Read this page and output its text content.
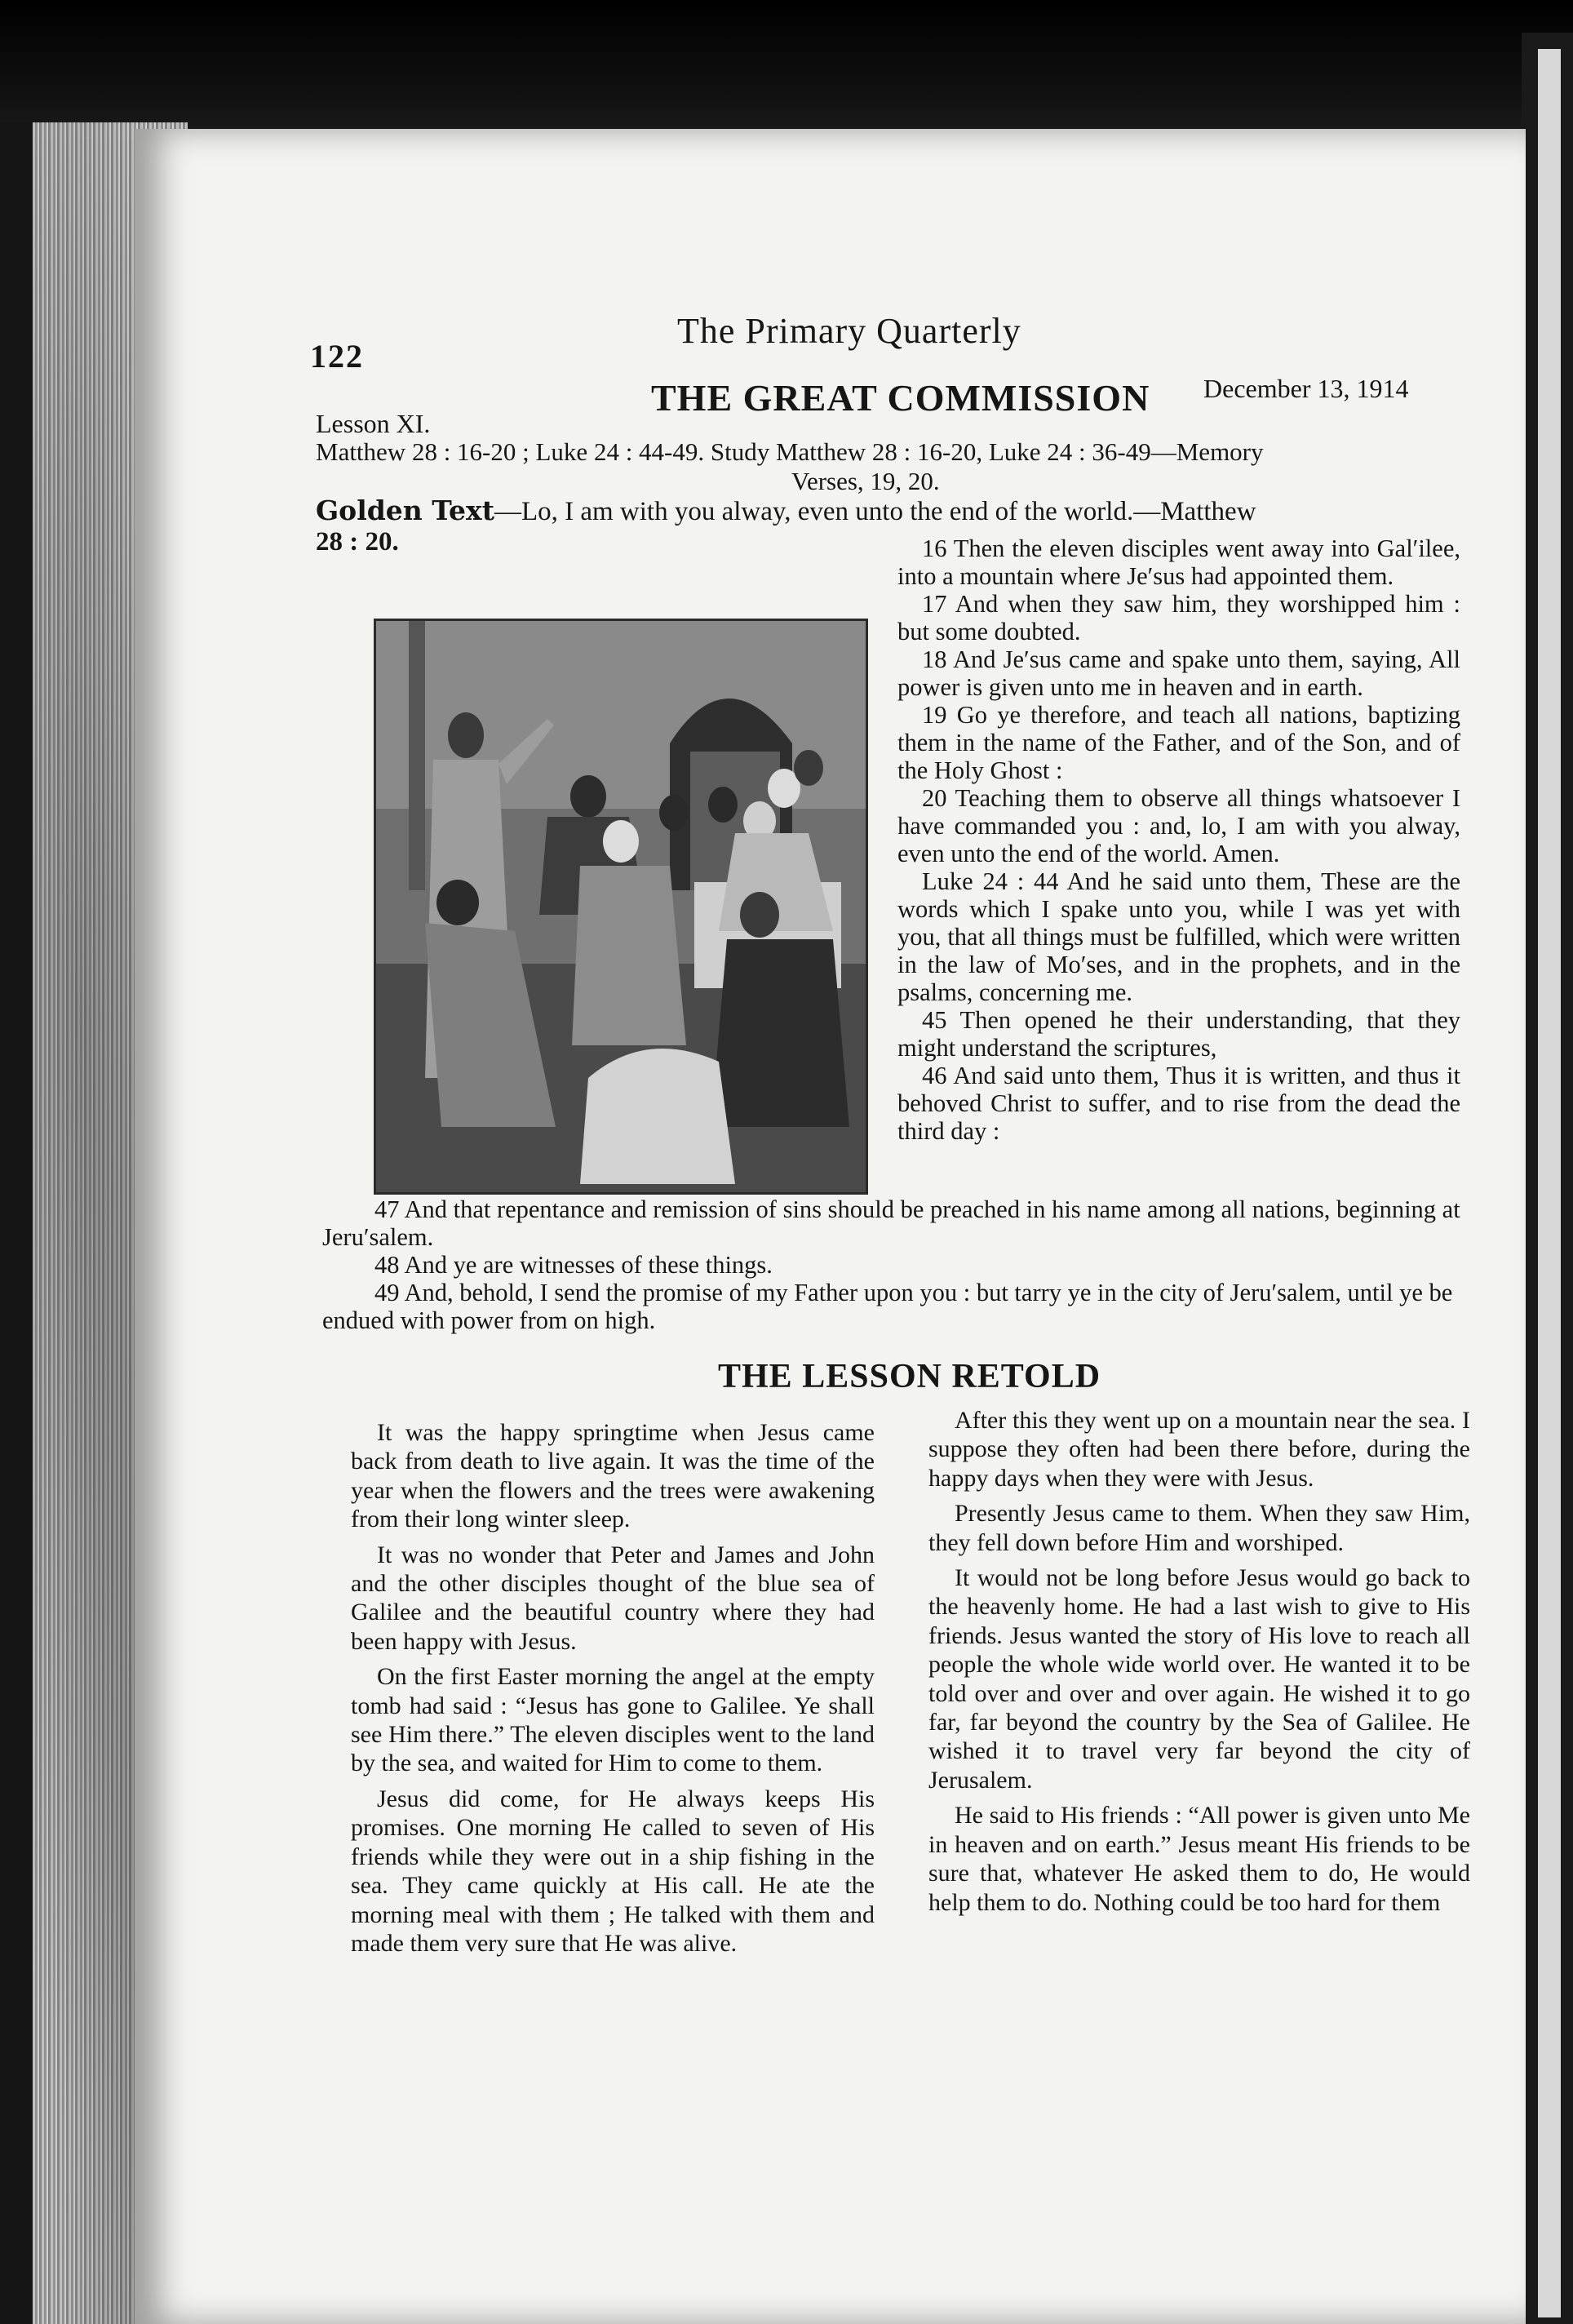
122
The Primary Quarterly
Lesson XI.
THE GREAT COMMISSION December 13, 1914
Matthew 28 : 16-20 ; Luke 24 : 44-49. Study Matthew 28 : 16-20, Luke 24 : 36-49—Memory
Verses, 19, 20.
Golden Text—Lo, I am with you alway, even unto the end of the world.—Matthew
28 : 20.	16 Then the eleven disciples went away into Gal′ilee, into a mountain where Je′sus had appointed them.

17 And when they saw him, they worshipped him : but some doubted.

18 And Je′sus came and spake unto them, saying, All power is given unto me in heaven and in earth.

19 Go ye therefore, and teach all nations, baptizing them in the name of the Father, and of the Son, and of the Holy Ghost :

20 Teaching them to observe all things whatsoever I have commanded you : and, lo, I am with you alway, even unto the end of the world. Amen.

Luke 24 : 44 And he said unto them, These are the words which I spake unto you, while I was yet with you, that all things must be fulfilled, which were written in the law of Mo′ses, and in the prophets, and in the psalms, concerning me.

45 Then opened he their understanding, that they might understand the scriptures,

46 And said unto them, Thus it is written, and thus it behoved Christ to suffer, and to rise from the dead the third day :

47 And that repentance and remission of sins should be preached in his name among all nations, beginning at Jeru′salem.

48 And ye are witnesses of these things.

49 And, behold, I send the promise of my Father upon you : but tarry ye in the city of Jeru′salem, until ye be endued with power from on high.

THE LESSON RETOLD

It was the happy springtime when Jesus came back from death to live again. It was the time of the year when the flowers and the trees were awakening from their long winter sleep.

It was no wonder that Peter and James and John and the other disciples thought of the blue sea of Galilee and the beautiful country where they had been happy with Jesus.

On the first Easter morning the angel at the empty tomb had said : “Jesus has gone to Galilee. Ye shall see Him there.” The eleven disciples went to the land by the sea, and waited for Him to come to them.

Jesus did come, for He always keeps His promises. One morning He called to seven of His friends while they were out in a ship fishing in the sea. They came quickly at His call. He ate the morning meal with them ; He talked with them and made them very sure that He was alive.

After this they went up on a mountain near the sea. I suppose they often had been there before, during the happy days when they were with Jesus.

Presently Jesus came to them. When they saw Him, they fell down before Him and worshiped.

It would not be long before Jesus would go back to the heavenly home. He had a last wish to give to His friends. Jesus wanted the story of His love to reach all people the whole wide world over. He wanted it to be told over and over and over again. He wished it to go far, far beyond the country by the Sea of Galilee. He wished it to travel very far beyond the city of Jerusalem.

He said to His friends : “All power is given unto Me in heaven and on earth.” Jesus meant His friends to be sure that, whatever He asked them to do, He would help them to do. Nothing could be too hard for them
